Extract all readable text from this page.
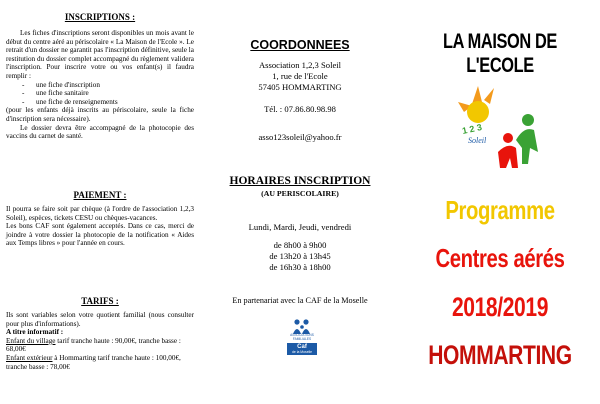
INSCRIPTIONS :
Les fiches d'inscriptions seront disponibles un mois avant le début du centre aéré au périscolaire « La Maison de l'Ecole ». Le retrait d'un dossier ne garantit pas l'inscription définitive, seule la restitution du dossier complet accompagné du règlement validera l'inscription. Pour inscrire votre ou vos enfant(s) il faudra remplir :
- une fiche d'inscription
- une fiche sanitaire
- une fiche de renseignements
(pour les enfants déjà inscrits au périscolaire, seule la fiche d'inscription sera nécessaire).
Le dossier devra être accompagné de la photocopie des vaccins du carnet de santé.
PAIEMENT :
Il pourra se faire soit par chèque (à l'ordre de l'association 1,2,3 Soleil), espèces, tickets CESU ou chèques-vacances.
Les bons CAF sont également acceptés. Dans ce cas, merci de joindre à votre dossier la photocopie de la notification « Aides aux Temps libres » pour l'année en cours.
TARIFS :
Ils sont variables selon votre quotient familial (nous consulter pour plus d'informations).
A titre informatif :
Enfant du village tarif tranche haute : 90,00€, tranche basse : 68,00€
Enfant extérieur à Hommarting tarif tranche haute : 100,00€, tranche basse : 78,00€
COORDONNEES
Association 1,2,3 Soleil
1, rue de l'Ecole
57405 HOMMARTING
Tél. : 07.86.80.98.98
asso123soleil@yahoo.fr
HORAIRES INSCRIPTION
(AU PERISCOLAIRE)
Lundi, Mardi, Jeudi, vendredi
de 8h00 à 9h00
de 13h20 à 13h45
de 16h30 à 18h00
En partenariat avec la CAF de la Moselle
ASSOCIATIONS
FAMILIALES
Caf
de la Moselle
LA MAISON DE L'ECOLE
1 2 3
Soleil
Programme
Centres aérés
2018/2019
HOMMARTING
